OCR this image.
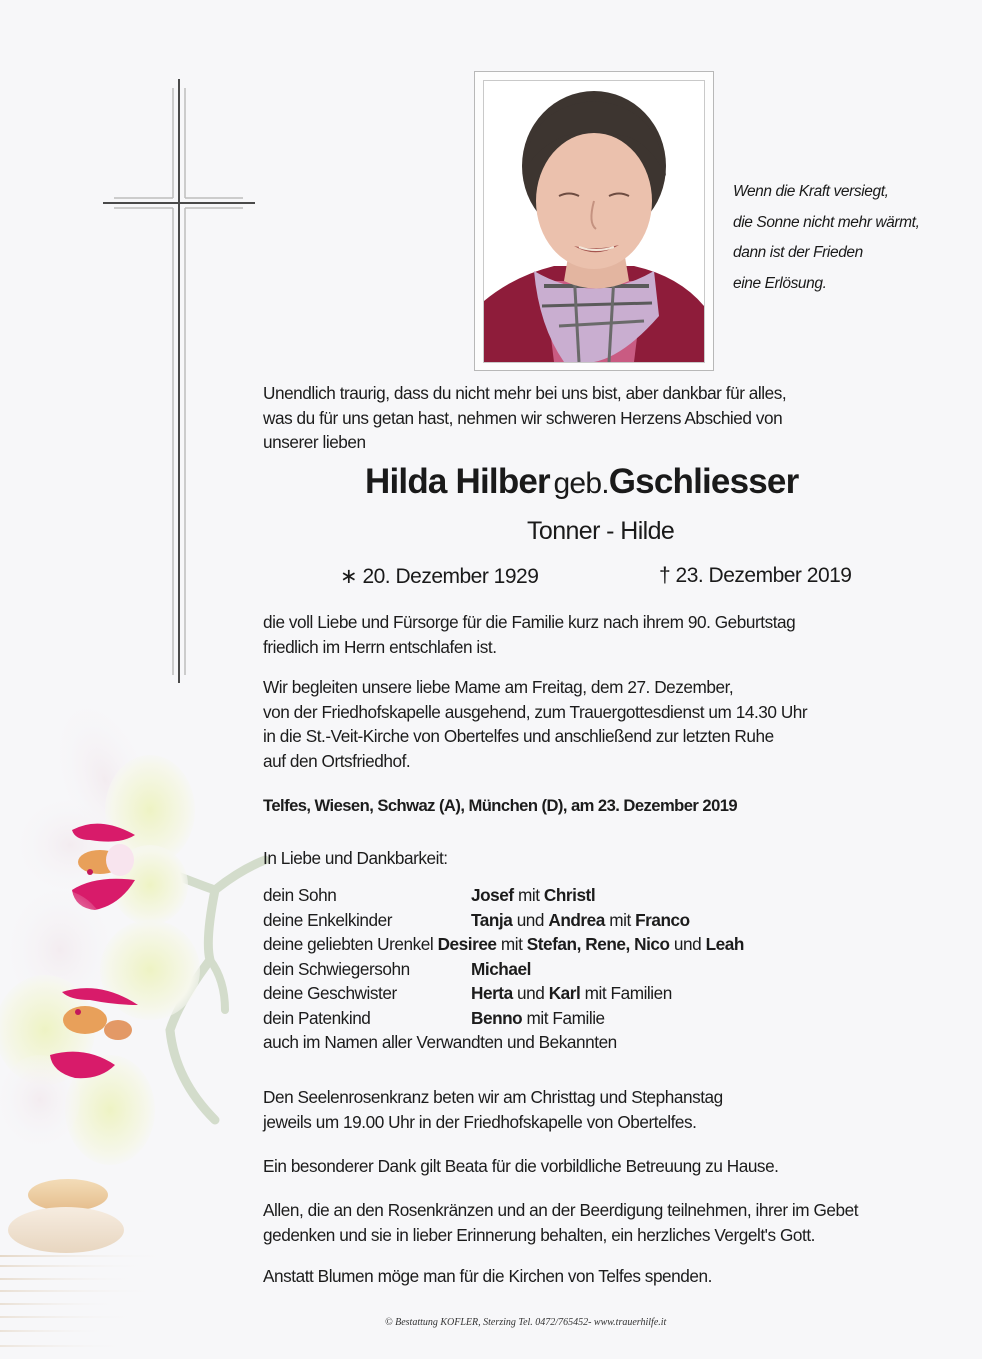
Wenn die Kraft versiegt,
die Sonne nicht mehr wärmt,
dann ist der Frieden
eine Erlösung.
Unendlich traurig, dass du nicht mehr bei uns bist, aber dankbar für alles,
was du für uns getan hast, nehmen wir schweren Herzens Abschied von
unserer lieben
Hilda Hilber geb.Gschliesser
Tonner - Hilde
∗ 20. Dezember 1929	† 23. Dezember 2019
die voll Liebe und Fürsorge für die Familie kurz nach ihrem 90. Geburtstag
friedlich im Herrn entschlafen ist.
Wir begleiten unsere liebe Mame am Freitag, dem 27. Dezember,
von der Friedhofskapelle ausgehend, zum Trauergottesdienst um 14.30 Uhr
in die St.-Veit-Kirche von Obertelfes und anschließend zur letzten Ruhe
auf den Ortsfriedhof.
Telfes, Wiesen, Schwaz (A), München (D), am 23. Dezember 2019
In Liebe und Dankbarkeit:
dein Sohn	Josef mit Christl
deine Enkelkinder	Tanja und Andrea mit Franco
deine geliebten Urenkel Desiree mit Stefan, Rene, Nico und Leah
dein Schwiegersohn	Michael
deine Geschwister	Herta und Karl mit Familien
dein Patenkind	Benno mit Familie
auch im Namen aller Verwandten und Bekannten
Den Seelenrosenkranz beten wir am Christtag und Stephanstag
jeweils um 19.00 Uhr in der Friedhofskapelle von Obertelfes.
Ein besonderer Dank gilt Beata für die vorbildliche Betreuung zu Hause.
Allen, die an den Rosenkränzen und an der Beerdigung teilnehmen, ihrer im Gebet
gedenken und sie in lieber Erinnerung behalten, ein herzliches Vergelt's Gott.
Anstatt Blumen möge man für die Kirchen von Telfes spenden.
© Bestattung KOFLER, Sterzing Tel. 0472/765452- www.trauerhilfe.it
